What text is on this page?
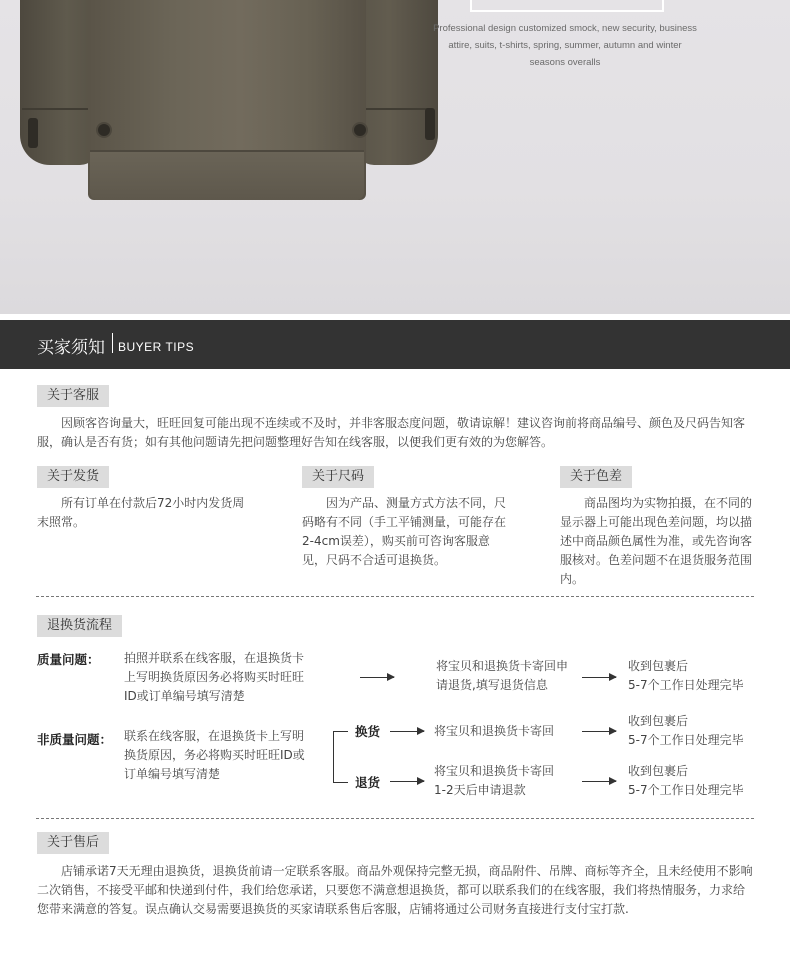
Professional design customized smock, new security, business attire, suits, t-shirts, spring, summer, autumn and winter seasons overalls
买家须知 BUYER TIPS
关于客服
因顾客咨询量大，旺旺回复可能出现不连续或不及时，并非客服态度问题，敬请谅解！建议咨询前将商品编号、颜色及尺码告知客服，确认是否有货；如有其他问题请先把问题整理好告知在线客服，以便我们更有效的为您解答。
关于发货
所有订单在付款后72小时内发货周末照常。
关于尺码
因为产品、测量方式方法不同，尺码略有不同（手工平铺测量，可能存在2-4cm误差），购买前可咨询客服意见，尺码不合适可退换货。
关于色差
商品图均为实物拍摄，在不同的显示器上可能出现色差问题，均以描述中商品颜色属性为准，或先咨询客服核对。色差问题不在退货服务范围内。
退换货流程
质量问题： 拍照并联系在线客服，在退换货卡上写明换货原因务必将购买时旺旺ID或订单编号填写清楚
将宝贝和退换货卡寄回申请退货,填写退货信息
收到包裹后
5-7个工作日处理完毕
非质量问题： 联系在线客服，在退换货卡上写明换货原因，务必将购买时旺旺ID或订单编号填写清楚
换货	将宝贝和退换货卡寄回
收到包裹后
5-7个工作日处理完毕
退货
将宝贝和退换货卡寄回
1-2天后申请退款
收到包裹后
5-7个工作日处理完毕
关于售后
店铺承诺7天无理由退换货，退换货前请一定联系客服。商品外观保持完整无损，商品附件、吊牌、商标等齐全，且未经使用不影响二次销售，不接受平邮和快递到付件，我们给您承诺，只要您不满意想退换货，都可以联系我们的在线客服，我们将热情服务，力求给您带来满意的答复。误点确认交易需要退换货的买家请联系售后客服，店铺将通过公司财务直接进行支付宝打款.
